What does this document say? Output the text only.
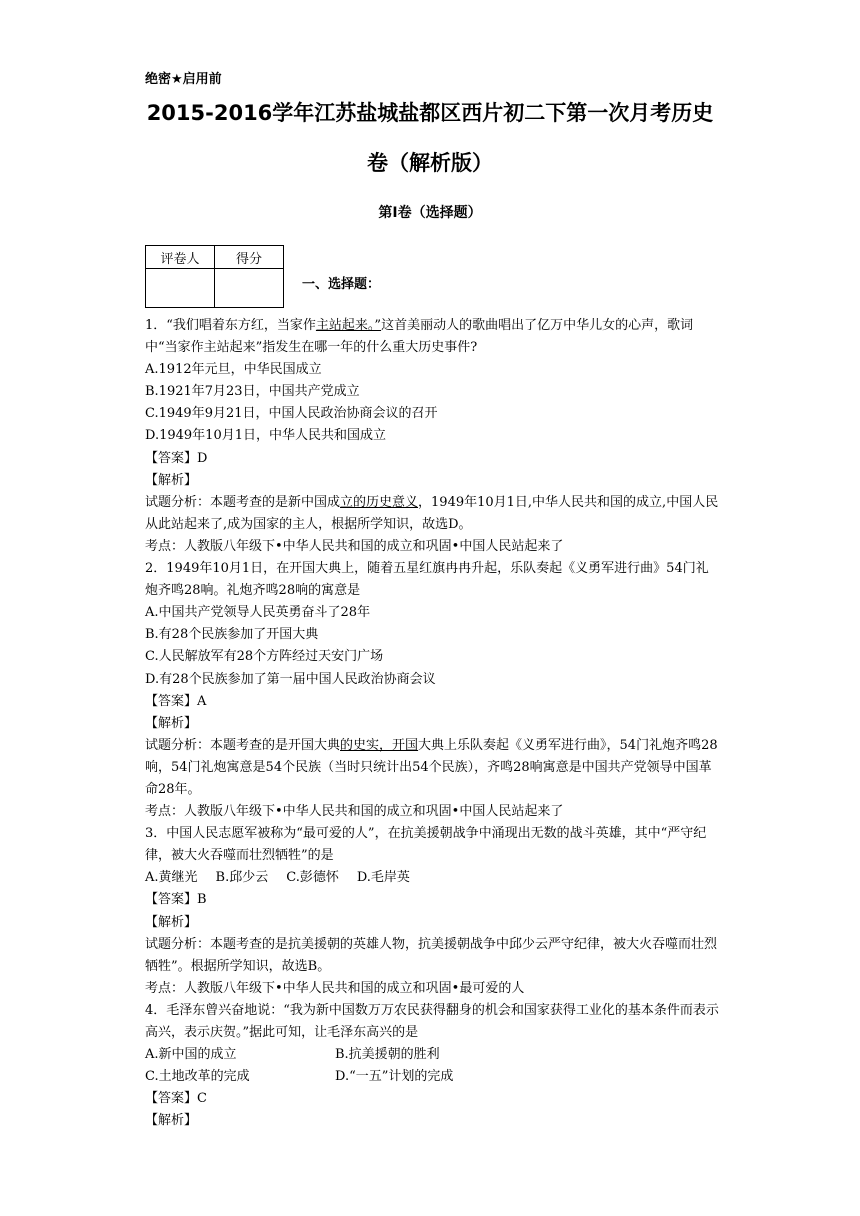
绝密★启用前
2015-2016学年江苏盐城盐都区西片初二下第一次月考历史
卷（解析版）
第I卷（选择题）
评卷人	得分

一、选择题：

1．“我们唱着东方红，当家作主站起来。”这首美丽动人的歌曲唱出了亿万中华儿女的心声，歌词中“当家作主站起来”指发生在哪一年的什么重大历史事件?

A.1912年元旦，中华民国成立

B.1921年7月23日，中国共产党成立

C.1949年9月21日，中国人民政治协商会议的召开

D.1949年10月1日，中华人民共和国成立

【答案】D

【解析】

试题分析：本题考查的是新中国成立的历史意义，1949年10月1日,中华人民共和国的成立,中国人民从此站起来了,成为国家的主人，根据所学知识，故选D。

考点：人教版八年级下•中华人民共和国的成立和巩固•中国人民站起来了

2．1949年10月1日，在开国大典上，随着五星红旗冉冉升起，乐队奏起《义勇军进行曲》54门礼炮齐鸣28响。礼炮齐鸣28响的寓意是

A.中国共产党领导人民英勇奋斗了28年

B.有28个民族参加了开国大典

C.人民解放军有28个方阵经过天安门广场

D.有28个民族参加了第一届中国人民政治协商会议

【答案】A

【解析】

试题分析：本题考查的是开国大典的史实，开国大典上乐队奏起《义勇军进行曲》，54门礼炮齐鸣28响，54门礼炮寓意是54个民族（当时只统计出54个民族），齐鸣28响寓意是中国共产党领导中国革命28年。

考点：人教版八年级下•中华人民共和国的成立和巩固•中国人民站起来了

3．中国人民志愿军被称为“最可爱的人”，在抗美援朝战争中涌现出无数的战斗英雄，其中“严守纪律，被大火吞噬而壮烈牺牲”的是

A.黄继光 B.邱少云 C.彭德怀 D.毛岸英

【答案】B

【解析】

试题分析：本题考查的是抗美援朝的英雄人物，抗美援朝战争中邱少云严守纪律，被大火吞噬而壮烈牺牲”。根据所学知识，故选B。

考点：人教版八年级下•中华人民共和国的成立和巩固•最可爱的人

4．毛泽东曾兴奋地说：“我为新中国数万万农民获得翻身的机会和国家获得工业化的基本条件而表示高兴，表示庆贺。”据此可知，让毛泽东高兴的是

A.新中国的成立	B.抗美援朝的胜利

C.土地改革的完成	D.“一五”计划的完成

【答案】C

【解析】
